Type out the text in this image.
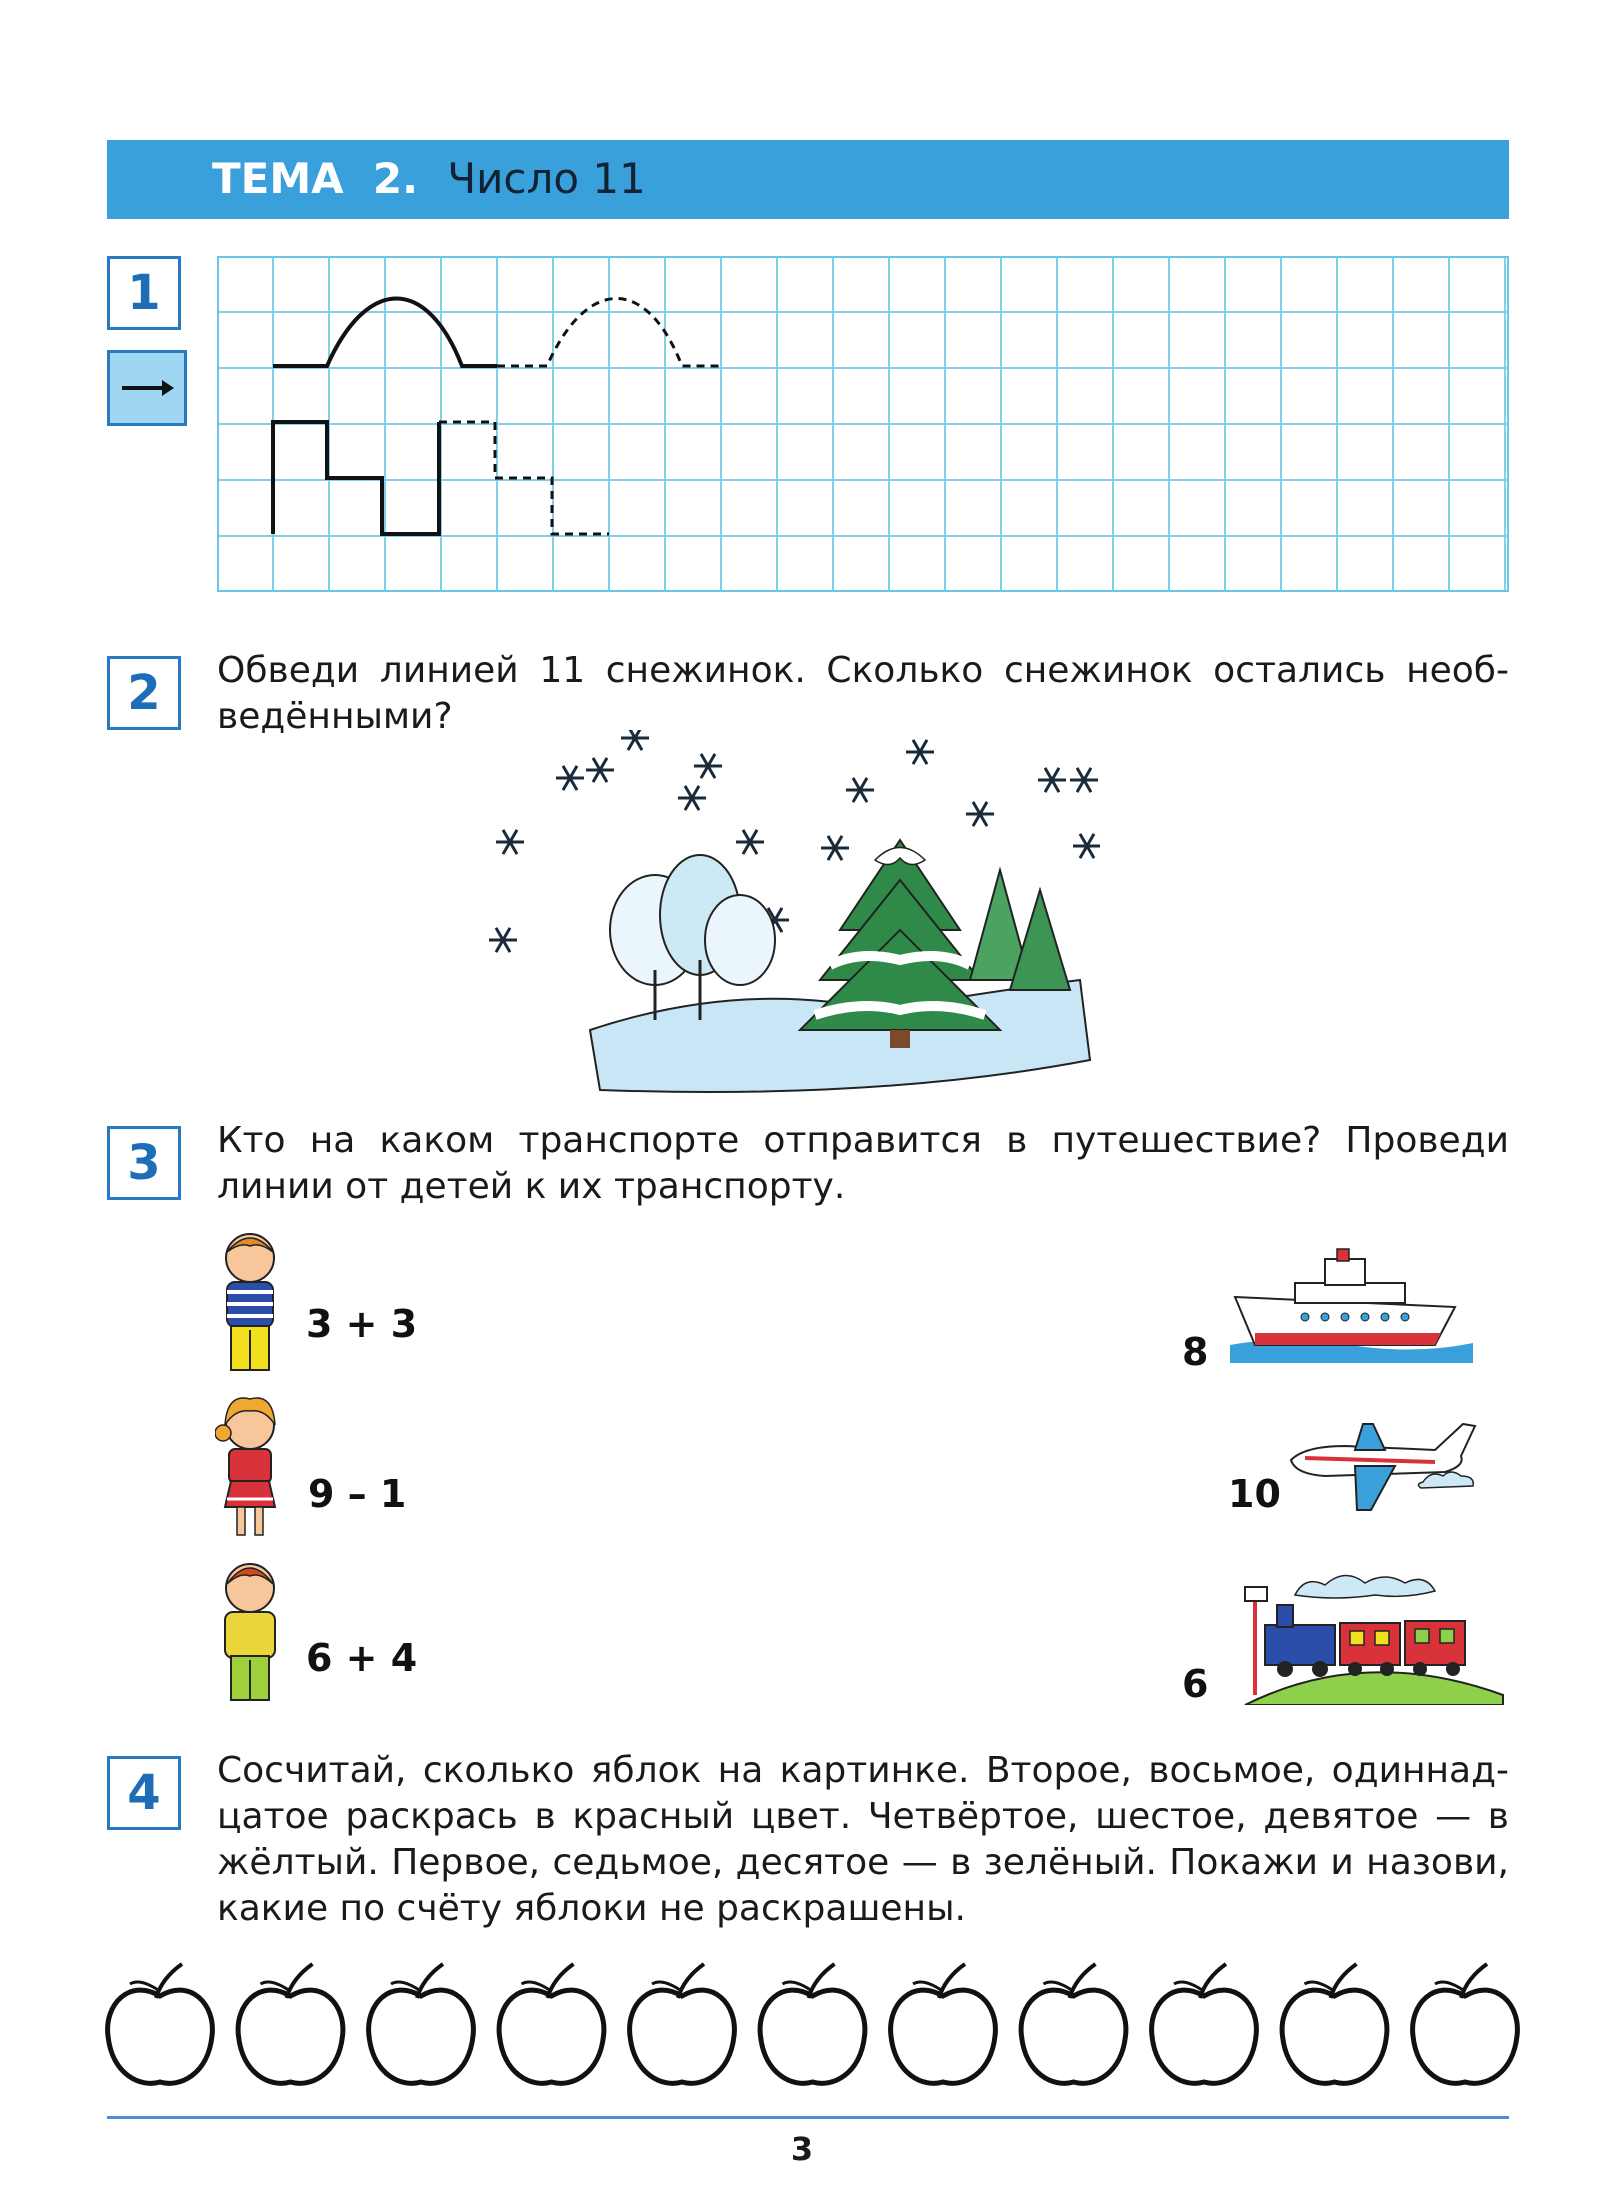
ТЕМА 2. Число 11
1
2	Обведи линией 11 снежинок. Сколько снежинок остались необведёнными?
3	Кто на каком транспорте отправится в путешествие? Проведи линии от детей к их транспорту.
3 + 3
9 – 1
6 + 4
8
10
6
4	Сосчитай, сколько яблок на картинке. Второе, восьмое, одиннадцатое раскрась в красный цвет. Четвёртое, шестое, девятое — в жёлтый. Первое, седьмое, десятое — в зелёный. Покажи и назови, какие по счёту яблоки не раскрашены.
3
